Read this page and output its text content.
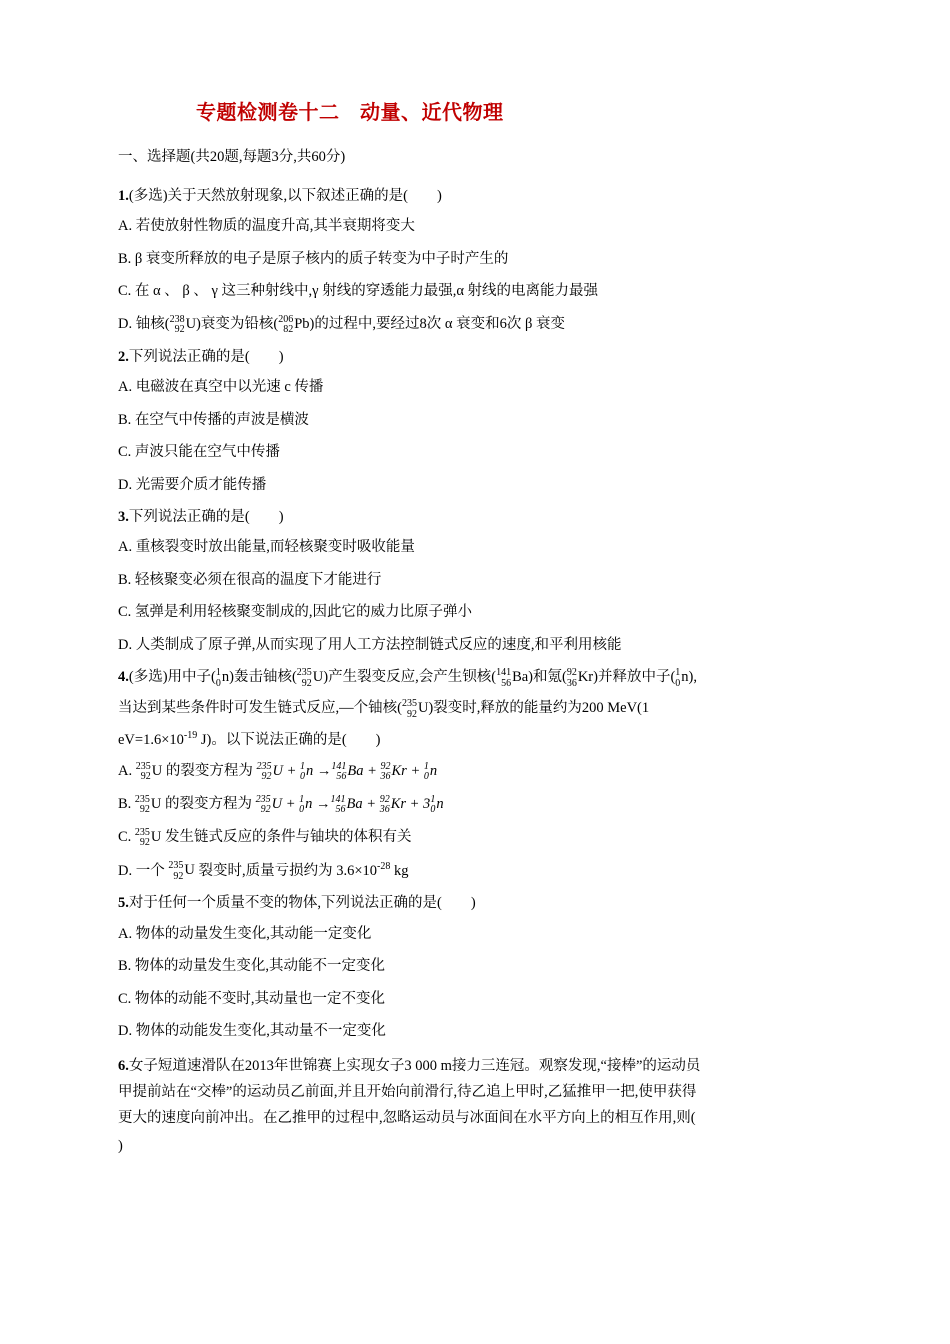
专题检测卷十二　动量、近代物理
一、选择题(共20题,每题3分,共60分)
1.(多选)关于天然放射现象,以下叙述正确的是(　　)
A. 若使放射性物质的温度升高,其半衰期将变大
B. β 衰变所释放的电子是原子核内的质子转变为中子时产生的
C. 在 α 、 β 、 γ 这三种射线中,γ 射线的穿透能力最强,α 射线的电离能力最强
D. 铀核( 238
92 U)衰变为铅核( 206
82 Pb)的过程中,要经过8次 α 衰变和6次 β 衰变
2.下列说法正确的是(　　)
A. 电磁波在真空中以光速 c 传播
B. 在空气中传播的声波是横波
C. 声波只能在空气中传播
D. 光需要介质才能传播
3.下列说法正确的是(　　)
A. 重核裂变时放出能量,而轻核聚变时吸收能量
B. 轻核聚变必须在很高的温度下才能进行
C. 氢弹是利用轻核聚变制成的,因此它的威力比原子弹小
D. 人类制成了原子弹,从而实现了用人工方法控制链式反应的速度,和平利用核能
4.(多选)用中子( 1
0 n)轰击铀核( 235
92 U)产生裂变反应,会产生钡核( 141
56 Ba)和氪( 92
36 Kr)并释放中子( 1
0 n),
当达到某些条件时可发生链式反应,—个铀核( 235
92 U)裂变时,释放的能量约为200 MeV(1
$eV=1.6\times 10^{-19}$ J)。以下说法正确的是(　　)
A. 235
92 U 的裂变方程为 235
92 U + 1
0 n → 141
56 Ba + 92
36 Kr + 1
0 n
B. 235
92 U 的裂变方程为 235
92 U + 1
0 n → 141
56 Ba + 92
36 Kr + 3 1
0 n
C. 235
92 U 发生链式反应的条件与铀块的体积有关
D. 一个 235
92 U 裂变时,质量亏损约为 $3.6\times 10^{-28}$ kg
5.对于任何一个质量不变的物体,下列说法正确的是(　　)
A. 物体的动量发生变化,其动能一定变化
B. 物体的动量发生变化,其动能不一定变化
C. 物体的动能不变时,其动量也一定不变化
D. 物体的动能发生变化,其动量不一定变化
6.女子短道速滑队在2013年世锦赛上实现女子3 000 m接力三连冠。观察发现,“接棒”的运动员
甲提前站在“交棒”的运动员乙前面,并且开始向前滑行,待乙追上甲时,乙猛推甲一把,使甲获得
更大的速度向前冲出。在乙推甲的过程中,忽略运动员与冰面间在水平方向上的相互作用,则(
)
